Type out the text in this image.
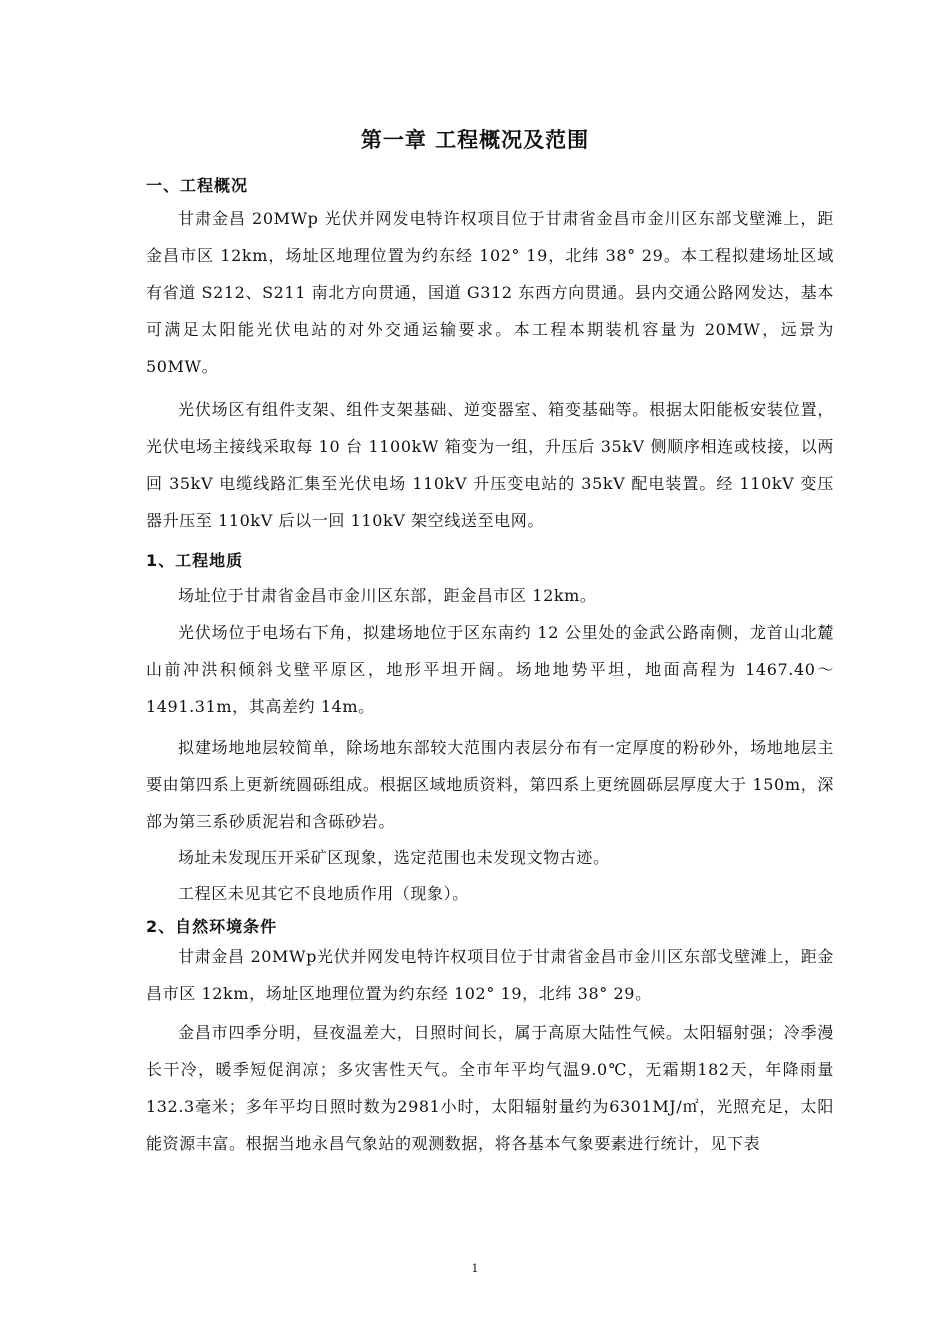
第一章 工程概况及范围
一、工程概况

甘肃金昌 20MWp 光伏并网发电特许权项目位于甘肃省金昌市金川区东部戈壁滩上，距金昌市区 12km，场址区地理位置为约东经 102° 19，北纬 38° 29。本工程拟建场址区域有省道 S212、S211 南北方向贯通，国道 G312 东西方向贯通。县内交通公路网发达，基本可满足太阳能光伏电站的对外交通运输要求。本工程本期装机容量为 20MW，远景为 50MW。

光伏场区有组件支架、组件支架基础、逆变器室、箱变基础等。根据太阳能板安装位置，光伏电场主接线采取每 10 台 1100kW 箱变为一组，升压后 35kV 侧顺序相连或枝接，以两回 35kV 电缆线路汇集至光伏电场 110kV 升压变电站的 35kV 配电装置。经 110kV 变压器升压至 110kV 后以一回 110kV 架空线送至电网。

1、工程地质

场址位于甘肃省金昌市金川区东部，距金昌市区 12km。

光伏场位于电场右下角，拟建场地位于区东南约 12 公里处的金武公路南侧，龙首山北麓山前冲洪积倾斜戈壁平原区，地形平坦开阔。场地地势平坦，地面高程为 1467.40～1491.31m，其高差约 14m。

拟建场地地层较简单，除场地东部较大范围内表层分布有一定厚度的粉砂外，场地地层主要由第四系上更新统圆砾组成。根据区域地质资料，第四系上更统圆砾层厚度大于 150m，深部为第三系砂质泥岩和含砾砂岩。

场址未发现压开采矿区现象，选定范围也未发现文物古迹。

工程区未见其它不良地质作用（现象）。

2、自然环境条件

甘肃金昌 20MWp光伏并网发电特许权项目位于甘肃省金昌市金川区东部戈壁滩上，距金昌市区 12km，场址区地理位置为约东经 102° 19，北纬 38° 29。

金昌市四季分明，昼夜温差大，日照时间长，属于高原大陆性气候。太阳辐射强；冷季漫长干冷，暖季短促润凉；多灾害性天气。全市年平均气温9.0℃，无霜期182天，年降雨量132.3毫米；多年平均日照时数为2981小时，太阳辐射量约为6301MJ/㎡，光照充足，太阳能资源丰富。根据当地永昌气象站的观测数据，将各基本气象要素进行统计，见下表

1
